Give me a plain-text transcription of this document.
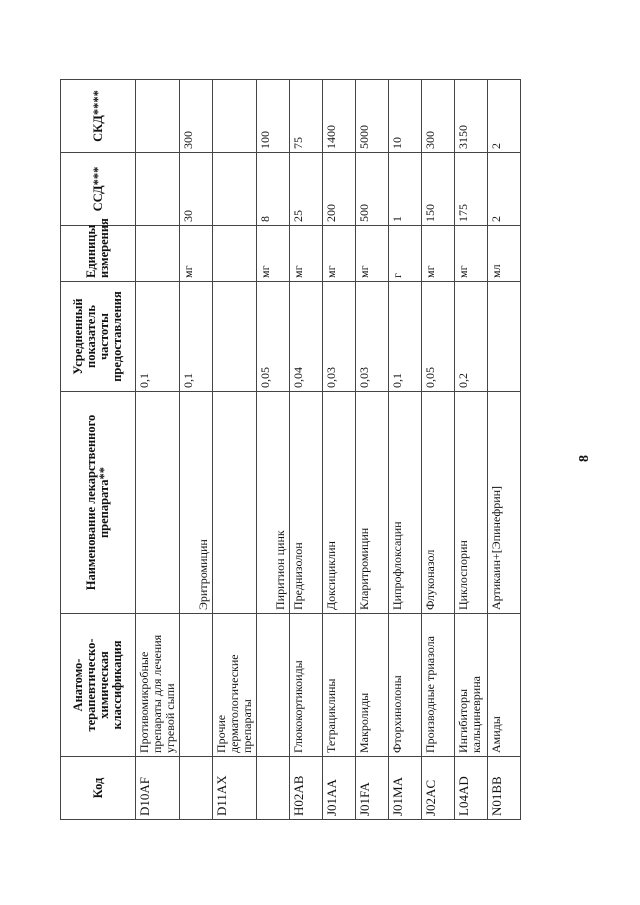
8
Код	Анатомо-терапевтическо-химическая классификация	Наименование лекарственного препарата**	Усредненный показатель частоты предоставления	Единицы измерения	ССД***	СКД****
D10AF	Противомикробные препараты для лечения угревой сыпи		0,1			
		Эритромицин	0,1	мг	30	300
D11AX	Прочие дерматологические препараты					
		Пиритион цинк	0,05	мг	8	100
H02AB	Глюкокортикоиды	Преднизолон	0,04	мг	25	75
J01AA	Тетрациклины	Доксициклин	0,03	мг	200	1400
J01FA	Макролиды	Кларитромицин	0,03	мг	500	5000
J01MA	Фторхинолоны	Ципрофлоксацин	0,1	г	1	10
J02AC	Производные триазола	Флуконазол	0,05	мг	150	300
L04AD	Ингибиторы кальциневрина	Циклоспорин	0,2	мг	175	3150
N01BB	Амиды	Артикаин+[Эпинефрин]		мл	2	2
